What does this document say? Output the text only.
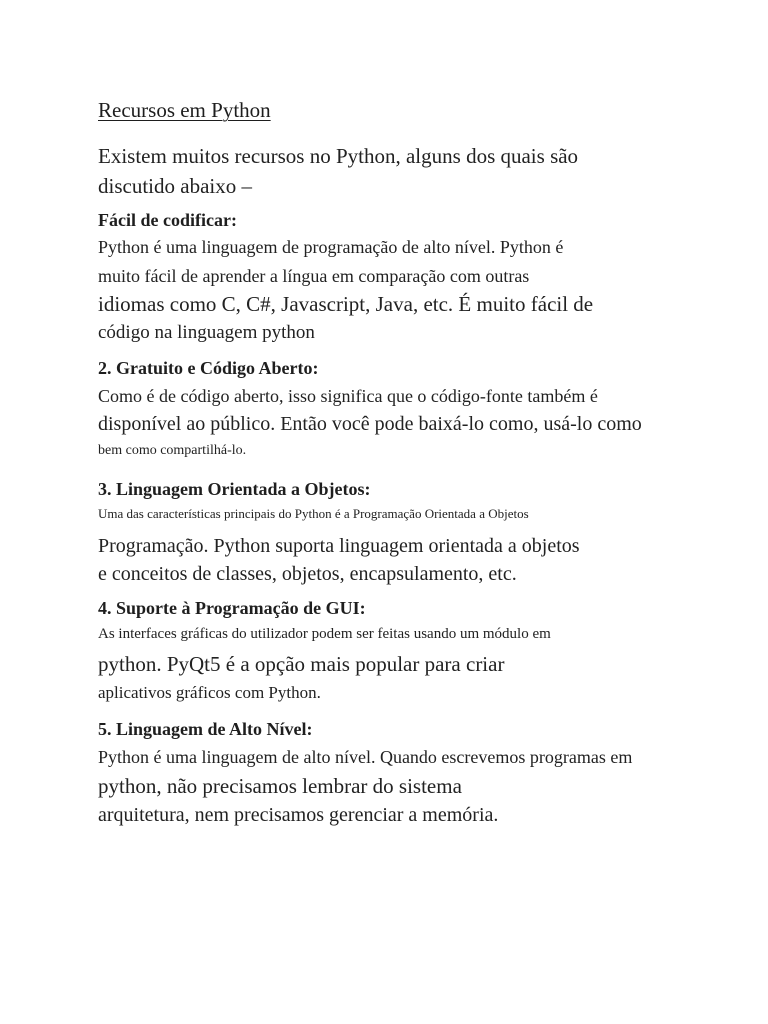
Recursos em Python
Existem muitos recursos no Python, alguns dos quais são
discutido abaixo –
Fácil de codificar:
Python é uma linguagem de programação de alto nível. Python é
muito fácil de aprender a língua em comparação com outras
idiomas como C, C#, Javascript, Java, etc. É muito fácil de
código na linguagem python
2. Gratuito e Código Aberto:
Como é de código aberto, isso significa que o código-fonte também é
disponível ao público. Então você pode baixá-lo como, usá-lo como
bem como compartilhá-lo.
3. Linguagem Orientada a Objetos:
Uma das características principais do Python é a Programação Orientada a Objetos
Programação. Python suporta linguagem orientada a objetos
e conceitos de classes, objetos, encapsulamento, etc.
4. Suporte à Programação de GUI:
As interfaces gráficas do utilizador podem ser feitas usando um módulo em
python. PyQt5 é a opção mais popular para criar
aplicativos gráficos com Python.
5. Linguagem de Alto Nível:
Python é uma linguagem de alto nível. Quando escrevemos programas em
python, não precisamos lembrar do sistema
arquitetura, nem precisamos gerenciar a memória.
